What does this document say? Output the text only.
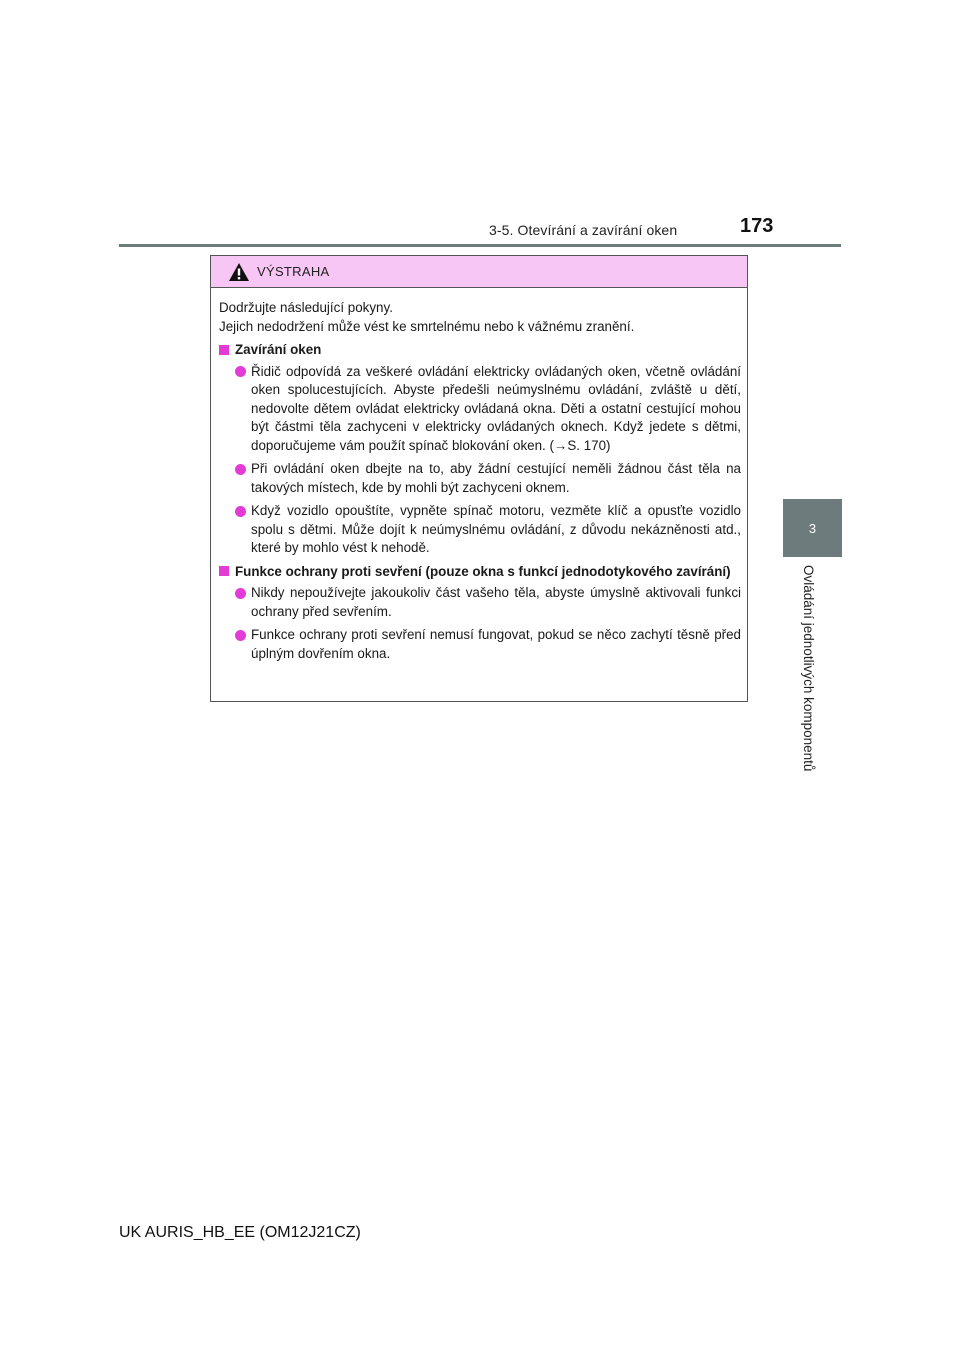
3-5. Otevírání a zavírání oken	173
3
Ovládání jednotlivých komponentů
VÝSTRAHA

Dodržujte následující pokyny.
Jejich nedodržení může vést ke smrtelnému nebo k vážnému zranění.

Zavírání oken
Řidič odpovídá za veškeré ovládání elektricky ovládaných oken, včetně ovládání oken spolucestujících. Abyste předešli neúmyslnému ovládání, zvláště u dětí, nedovolte dětem ovládat elektricky ovládaná okna. Děti a ostatní cestující mohou být částmi těla zachyceni v elektricky ovládaných oknech. Když jedete s dětmi, doporučujeme vám použít spínač blokování oken. (→S. 170)
Při ovládání oken dbejte na to, aby žádní cestující neměli žádnou část těla na takových místech, kde by mohli být zachyceni oknem.
Když vozidlo opouštíte, vypněte spínač motoru, vezměte klíč a opusťte vozidlo spolu s dětmi. Může dojít k neúmyslnému ovládání, z důvodu nekázněnosti atd., které by mohlo vést k nehodě.
Funkce ochrany proti sevření (pouze okna s funkcí jednodotykového zavírání)
Nikdy nepoužívejte jakoukoliv část vašeho těla, abyste úmyslně aktivovali funkci ochrany před sevřením.
Funkce ochrany proti sevření nemusí fungovat, pokud se něco zachytí těsně před úplným dovřením okna.
UK AURIS_HB_EE (OM12J21CZ)
